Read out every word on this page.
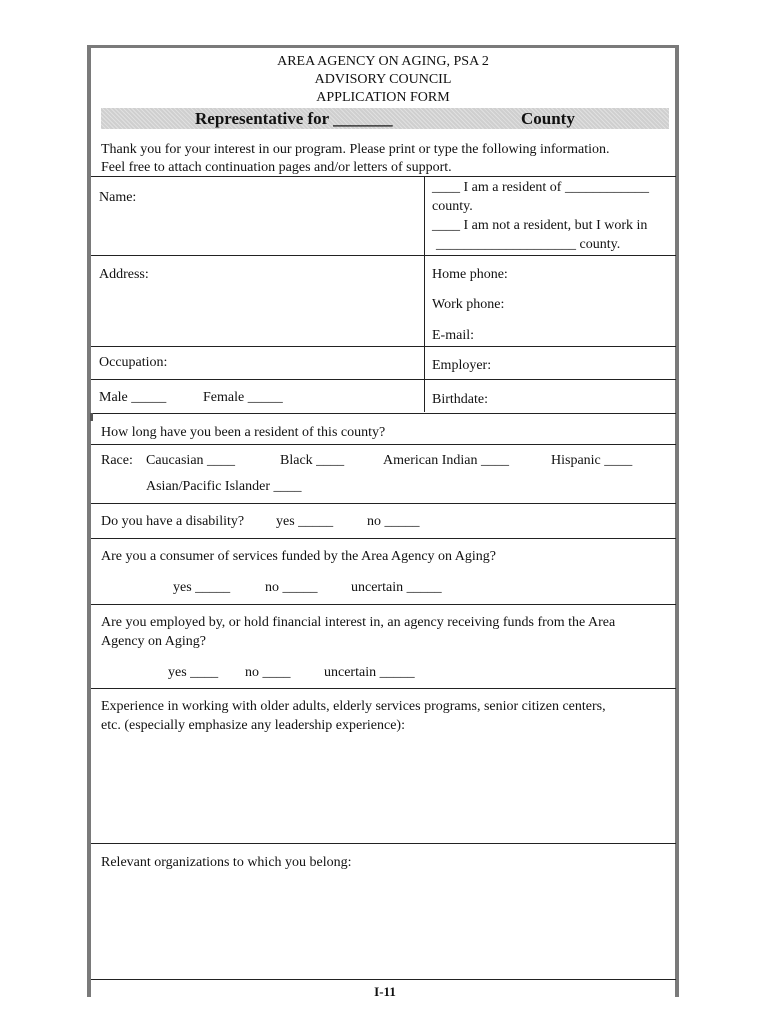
AREA AGENCY ON AGING, PSA 2
ADVISORY COUNCIL
APPLICATION FORM
Representative for _______	County
Thank you for your interest in our program. Please print or type the following information.
Feel free to attach continuation pages and/or letters of support.
Name:
____ I am a resident of ____________
county.
____ I am not a resident, but I work in
____________________ county.
Address:	Home phone:
Work phone:
E-mail:
Occupation:	Employer:
Male _____	Female _____	Birthdate:
How long have you been a resident of this county?
Race: Caucasian ____	Black ____	American Indian ____	Hispanic ____
Asian/Pacific Islander ____
Do you have a disability? yes _____ no _____
Are you a consumer of services funded by the Area Agency on Aging?
yes _____ no _____ uncertain _____
Are you employed by, or hold financial interest in, an agency receiving funds from the Area
Agency on Aging?
yes ____ no ____ uncertain _____
Experience in working with older adults, elderly services programs, senior citizen centers,
etc. (especially emphasize any leadership experience):
Relevant organizations to which you belong:
I-11
